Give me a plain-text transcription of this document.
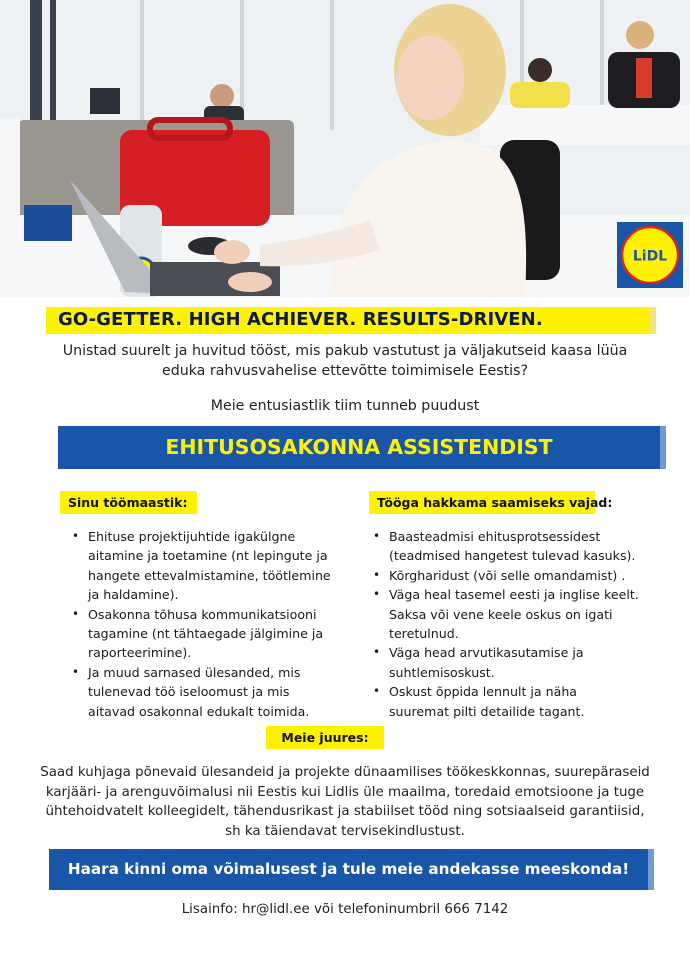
LiDL
GO-GETTER. HIGH ACHIEVER. RESULTS-DRIVEN.

Unistad suurelt ja huvitud tööst, mis pakub vastutust ja väljakutseid kaasa lüüa eduka rahvusvahelise ettevõtte toimimisele Eestis?

Meie entusiastlik tiim tunneb puudust

EHITUSOSAKONNA ASSISTENDIST
Sinu töömaastik:
• Ehituse projektijuhtide igakülgne aitamine ja toetamine (nt lepingute ja hangete ettevalmistamine, töötlemine ja haldamine).
• Osakonna tõhusa kommunikatsiooni tagamine (nt tähtaegade jälgimine ja raporteerimine).
• Ja muud sarnased ülesanded, mis tulenevad töö iseloomust ja mis aitavad osakonnal edukalt toimida.
Tööga hakkama saamiseks vajad:
• Baasteadmisi ehitusprotsessidest (teadmised hangetest tulevad kasuks).
• Kõrgharidust (või selle omandamist) .
• Väga heal tasemel eesti ja inglise keelt. Saksa või vene keele oskus on igati teretulnud.
• Väga head arvutikasutamise ja suhtlemisoskust.
• Oskust õppida lennult ja näha suuremat pilti detailide tagant.
Meie juures:

Saad kuhjaga põnevaid ülesandeid ja projekte dünaamilises töökeskkonnas, suurepäraseid karjääri- ja arenguvõimalusi nii Eestis kui Lidlis üle maailma, toredaid emotsioone ja tuge ühtehoidvatelt kolleegidelt, tähendusrikast ja stabiilset tööd ning sotsiaalseid garantiisid, sh ka täiendavat tervisekindlustust.

Haara kinni oma võimalusest ja tule meie andekasse meeskonda!

Lisainfo: hr@lidl.ee või telefoninumbril 666 7142
